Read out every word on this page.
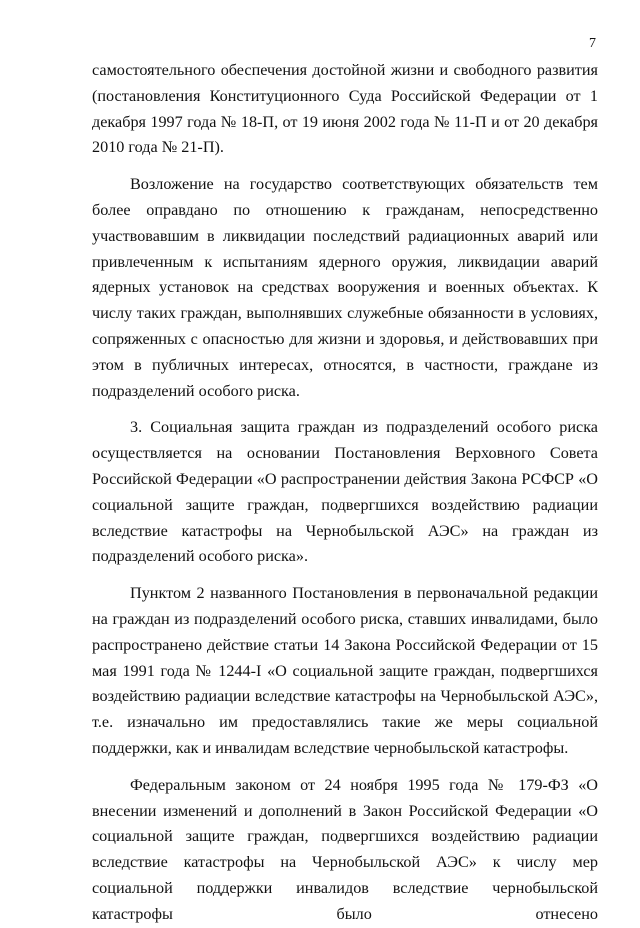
7

самостоятельного обеспечения достойной жизни и свободного развития (постановления Конституционного Суда Российской Федерации от 1 декабря 1997 года № 18-П, от 19 июня 2002 года № 11-П и от 20 декабря 2010 года № 21-П).

Возложение на государство соответствующих обязательств тем более оправдано по отношению к гражданам, непосредственно участвовавшим в ликвидации последствий радиационных аварий или привлеченным к испытаниям ядерного оружия, ликвидации аварий ядерных установок на средствах вооружения и военных объектах. К числу таких граждан, выполнявших служебные обязанности в условиях, сопряженных с опасностью для жизни и здоровья, и действовавших при этом в публичных интересах, относятся, в частности, граждане из подразделений особого риска.

3. Социальная защита граждан из подразделений особого риска осуществляется на основании Постановления Верховного Совета Российской Федерации «О распространении действия Закона РСФСР «О социальной защите граждан, подвергшихся воздействию радиации вследствие катастрофы на Чернобыльской АЭС» на граждан из подразделений особого риска».

Пунктом 2 названного Постановления в первоначальной редакции на граждан из подразделений особого риска, ставших инвалидами, было распространено действие статьи 14 Закона Российской Федерации от 15 мая 1991 года № 1244-I «О социальной защите граждан, подвергшихся воздействию радиации вследствие катастрофы на Чернобыльской АЭС», т.е. изначально им предоставлялись такие же меры социальной поддержки, как и инвалидам вследствие чернобыльской катастрофы.

Федеральным законом от 24 ноября 1995 года № 179-ФЗ «О внесении изменений и дополнений в Закон Российской Федерации «О социальной защите граждан, подвергшихся воздействию радиации вследствие катастрофы на Чернобыльской АЭС» к числу мер социальной поддержки инвалидов вследствие чернобыльской катастрофы было отнесено
